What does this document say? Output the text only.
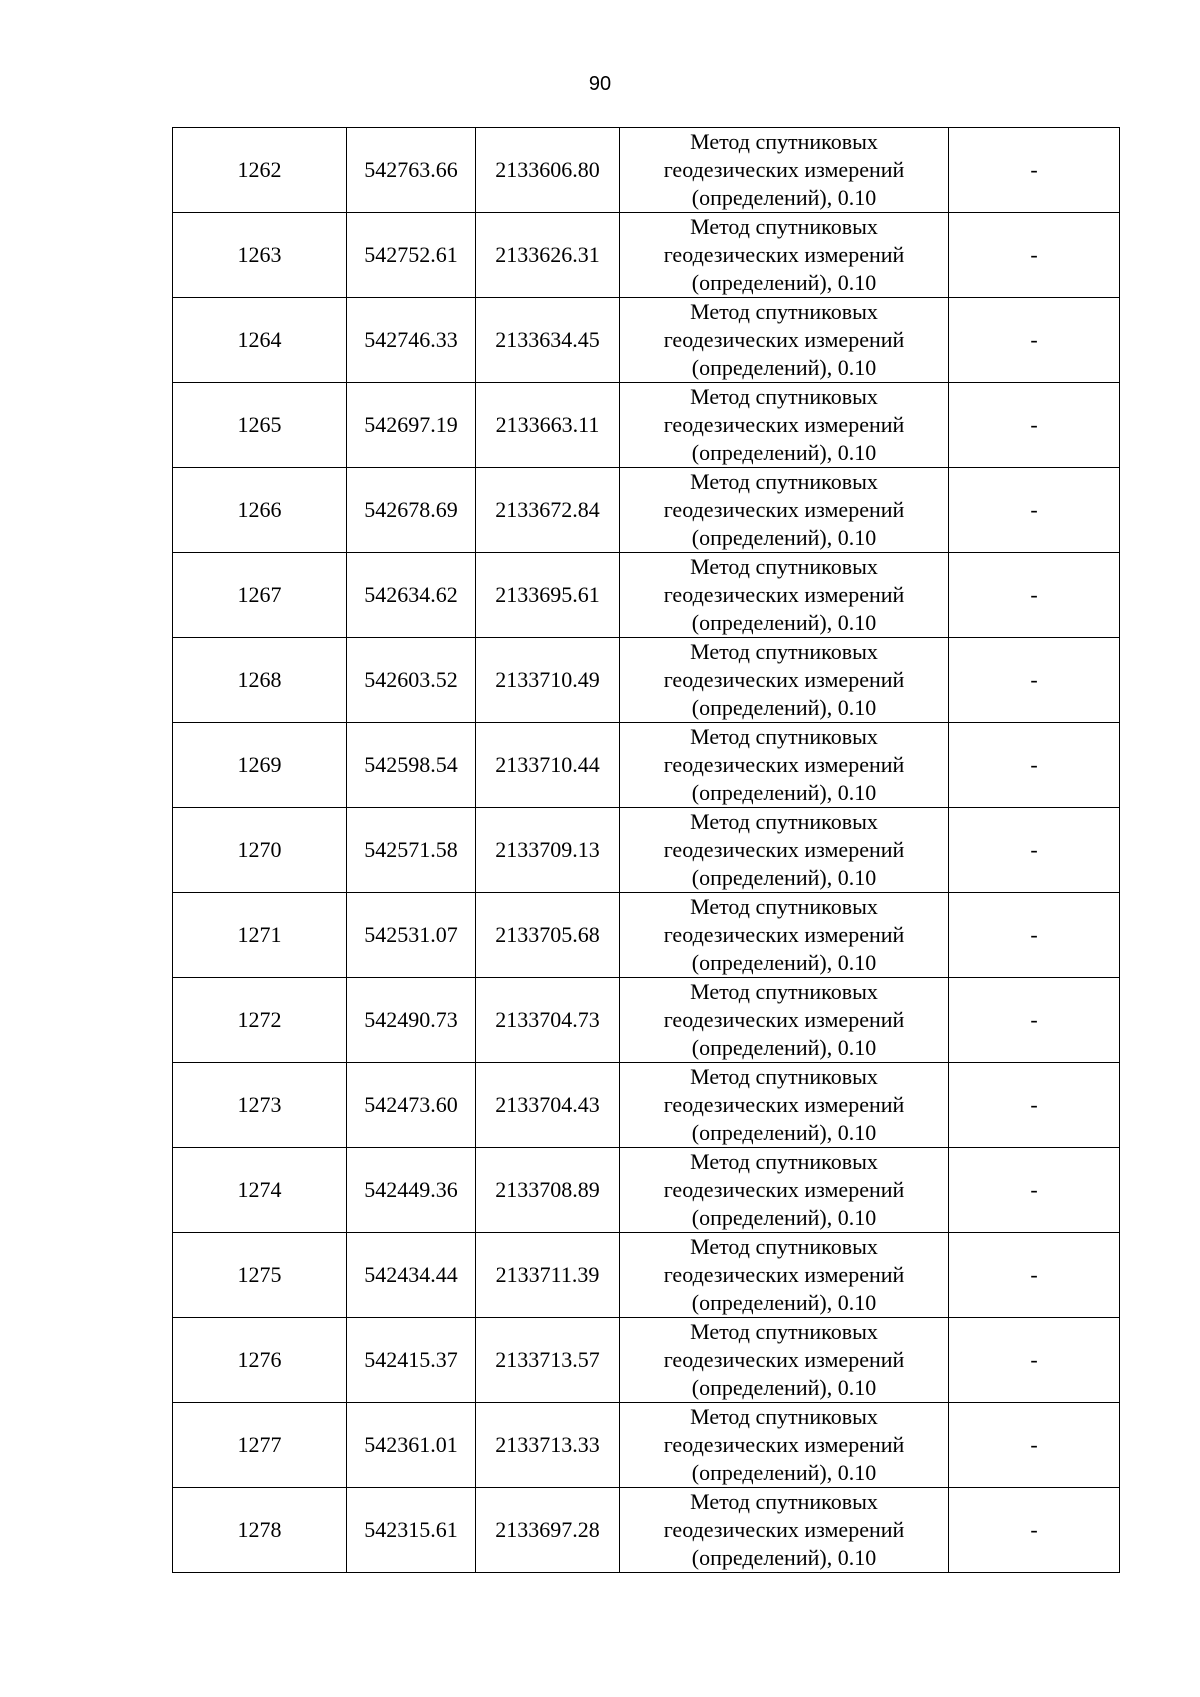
90
1262	542763.66	2133606.80	Метод спутниковых
геодезических измерений
(определений), 0.10	-
1263	542752.61	2133626.31	Метод спутниковых
геодезических измерений
(определений), 0.10	-
1264	542746.33	2133634.45	Метод спутниковых
геодезических измерений
(определений), 0.10	-
1265	542697.19	2133663.11	Метод спутниковых
геодезических измерений
(определений), 0.10	-
1266	542678.69	2133672.84	Метод спутниковых
геодезических измерений
(определений), 0.10	-
1267	542634.62	2133695.61	Метод спутниковых
геодезических измерений
(определений), 0.10	-
1268	542603.52	2133710.49	Метод спутниковых
геодезических измерений
(определений), 0.10	-
1269	542598.54	2133710.44	Метод спутниковых
геодезических измерений
(определений), 0.10	-
1270	542571.58	2133709.13	Метод спутниковых
геодезических измерений
(определений), 0.10	-
1271	542531.07	2133705.68	Метод спутниковых
геодезических измерений
(определений), 0.10	-
1272	542490.73	2133704.73	Метод спутниковых
геодезических измерений
(определений), 0.10	-
1273	542473.60	2133704.43	Метод спутниковых
геодезических измерений
(определений), 0.10	-
1274	542449.36	2133708.89	Метод спутниковых
геодезических измерений
(определений), 0.10	-
1275	542434.44	2133711.39	Метод спутниковых
геодезических измерений
(определений), 0.10	-
1276	542415.37	2133713.57	Метод спутниковых
геодезических измерений
(определений), 0.10	-
1277	542361.01	2133713.33	Метод спутниковых
геодезических измерений
(определений), 0.10	-
1278	542315.61	2133697.28	Метод спутниковых
геодезических измерений
(определений), 0.10	-
